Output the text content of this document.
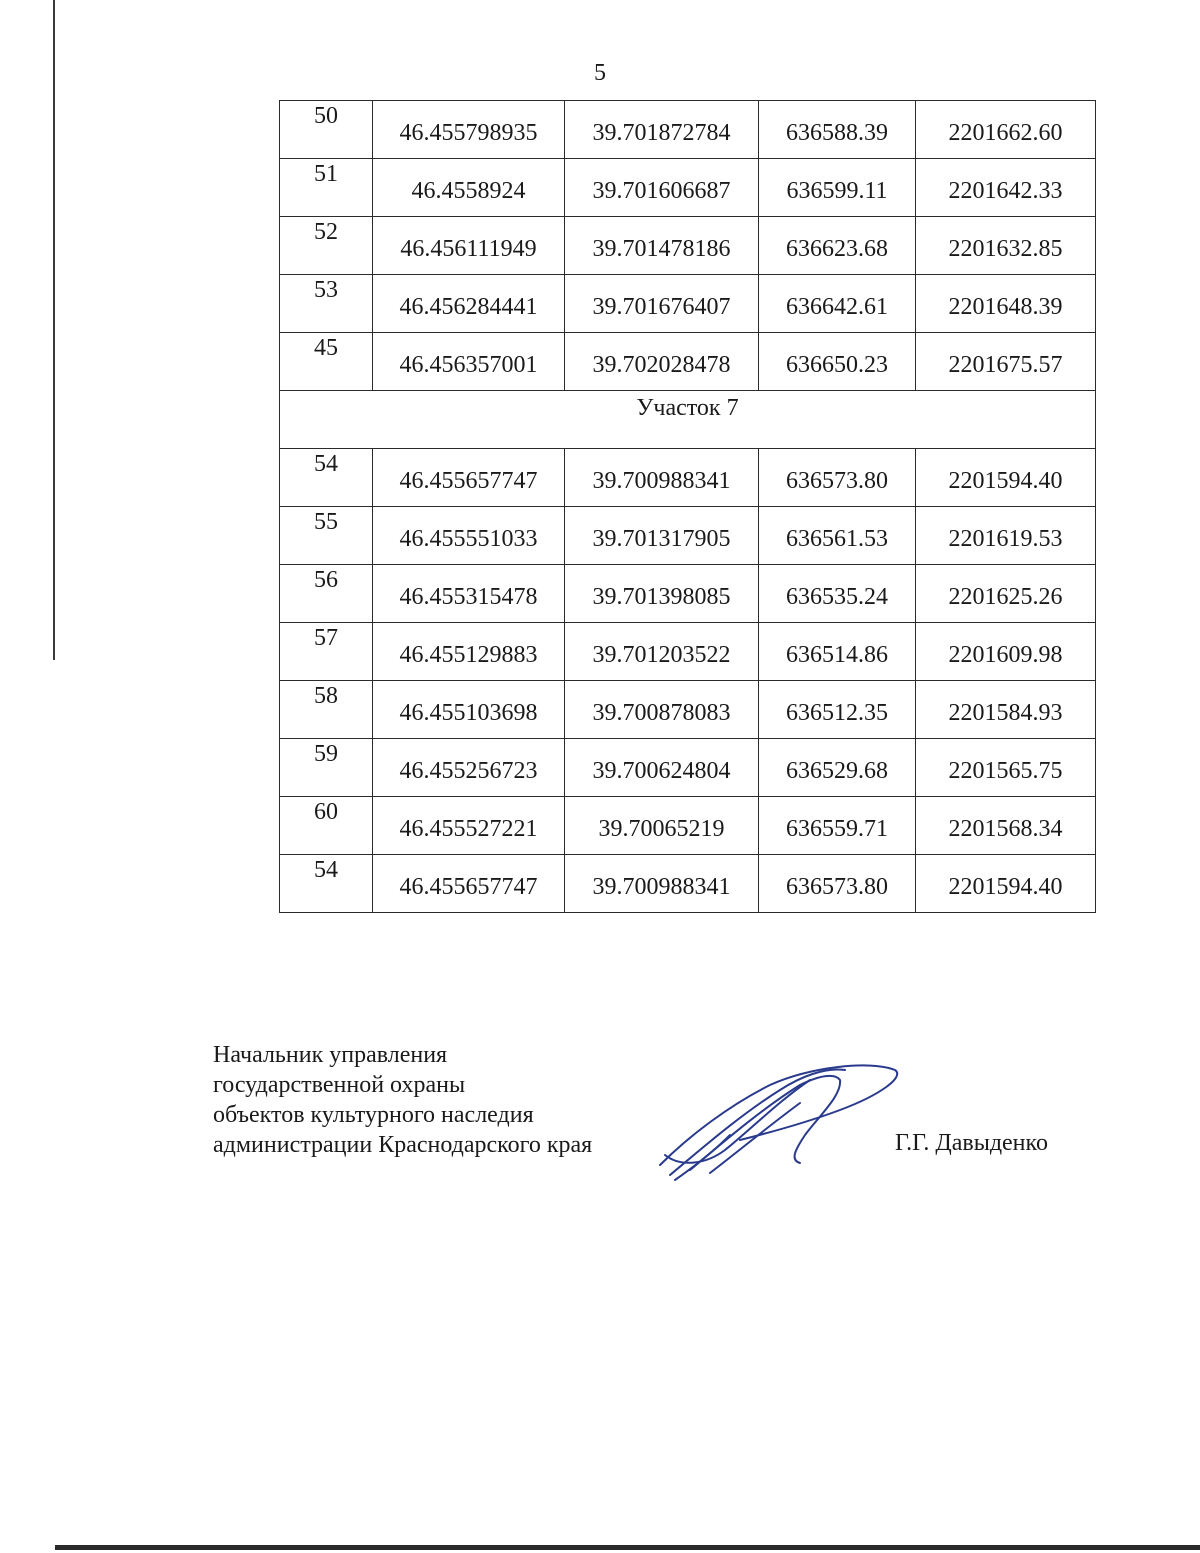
5
50	46.455798935	39.701872784	636588.39	2201662.60
51	46.4558924	39.701606687	636599.11	2201642.33
52	46.456111949	39.701478186	636623.68	2201632.85
53	46.456284441	39.701676407	636642.61	2201648.39
45	46.456357001	39.702028478	636650.23	2201675.57
Участок 7				
54	46.455657747	39.700988341	636573.80	2201594.40
55	46.455551033	39.701317905	636561.53	2201619.53
56	46.455315478	39.701398085	636535.24	2201625.26
57	46.455129883	39.701203522	636514.86	2201609.98
58	46.455103698	39.700878083	636512.35	2201584.93
59	46.455256723	39.700624804	636529.68	2201565.75
60	46.455527221	39.70065219	636559.71	2201568.34
54	46.455657747	39.700988341	636573.80	2201594.40
Начальник управления
государственной охраны
объектов культурного наследия
администрации Краснодарского края	Г.Г. Давыденко
